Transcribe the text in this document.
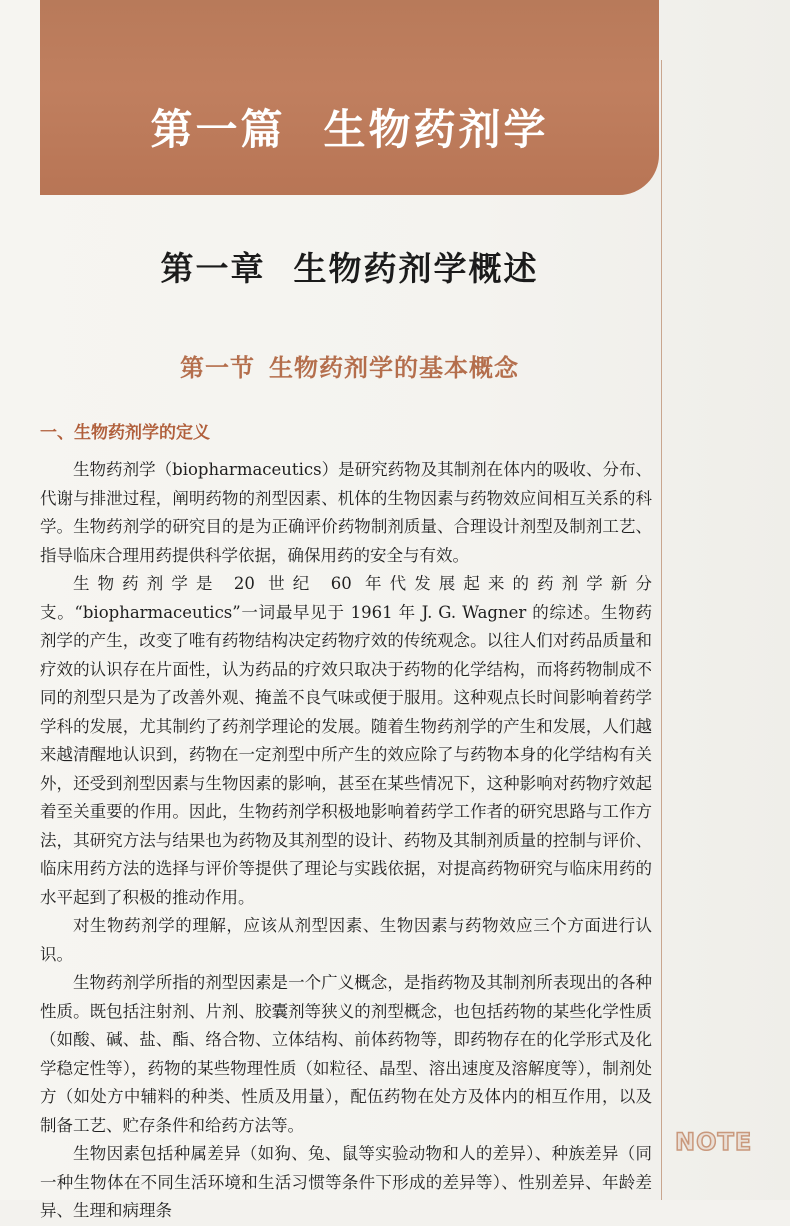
第一篇 生物药剂学
第一章 生物药剂学概述
第一节 生物药剂学的基本概念
一、生物药剂学的定义

生物药剂学（biopharmaceutics）是研究药物及其制剂在体内的吸收、分布、代谢与排泄过程，阐明药物的剂型因素、机体的生物因素与药物效应间相互关系的科学。生物药剂学的研究目的是为正确评价药物制剂质量、合理设计剂型及制剂工艺、指导临床合理用药提供科学依据，确保用药的安全与有效。

生物药剂学是 20 世纪 60 年代发展起来的药剂学新分支。“biopharmaceutics”一词最早见于 1961 年 J. G. Wagner 的综述。生物药剂学的产生，改变了唯有药物结构决定药物疗效的传统观念。以往人们对药品质量和疗效的认识存在片面性，认为药品的疗效只取决于药物的化学结构，而将药物制成不同的剂型只是为了改善外观、掩盖不良气味或便于服用。这种观点长时间影响着药学学科的发展，尤其制约了药剂学理论的发展。随着生物药剂学的产生和发展，人们越来越清醒地认识到，药物在一定剂型中所产生的效应除了与药物本身的化学结构有关外，还受到剂型因素与生物因素的影响，甚至在某些情况下，这种影响对药物疗效起着至关重要的作用。因此，生物药剂学积极地影响着药学工作者的研究思路与工作方法，其研究方法与结果也为药物及其剂型的设计、药物及其制剂质量的控制与评价、临床用药方法的选择与评价等提供了理论与实践依据，对提高药物研究与临床用药的水平起到了积极的推动作用。

对生物药剂学的理解，应该从剂型因素、生物因素与药物效应三个方面进行认识。

生物药剂学所指的剂型因素是一个广义概念，是指药物及其制剂所表现出的各种性质。既包括注射剂、片剂、胶囊剂等狭义的剂型概念，也包括药物的某些化学性质（如酸、碱、盐、酯、络合物、立体结构、前体药物等，即药物存在的化学形式及化学稳定性等），药物的某些物理性质（如粒径、晶型、溶出速度及溶解度等），制剂处方（如处方中辅料的种类、性质及用量），配伍药物在处方及体内的相互作用，以及制备工艺、贮存条件和给药方法等。

生物因素包括种属差异（如狗、兔、鼠等实验动物和人的差异）、种族差异（同一种生物体在不同生活环境和生活习惯等条件下形成的差异等）、性别差异、年龄差异、生理和病理条

NOTE
